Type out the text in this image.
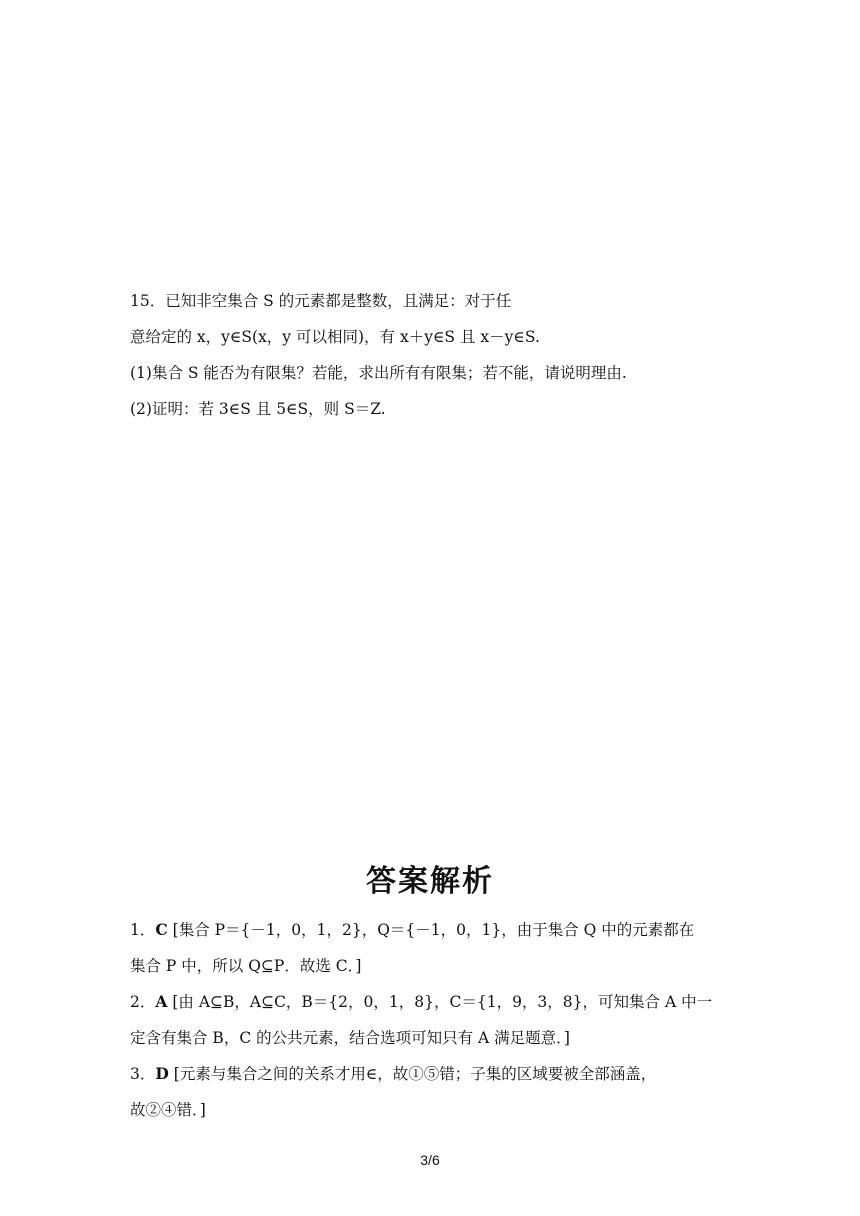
15．已知非空集合 S 的元素都是整数，且满足：对于任
意给定的 x，y∈S(x，y 可以相同)，有 x＋y∈S 且 x－y∈S.
(1)集合 S 能否为有限集？若能，求出所有有限集；若不能，请说明理由.
(2)证明：若 3∈S 且 5∈S，则 S＝Z.
答案解析
1．C [集合 P＝{－1，0，1，2}，Q＝{－1，0，1}，由于集合 Q 中的元素都在
集合 P 中，所以 Q⊆P．故选 C．]
2．A [由 A⊆B，A⊆C，B＝{2，0，1，8}，C＝{1，9，3，8}，可知集合 A 中一
定含有集合 B，C 的公共元素，结合选项可知只有 A 满足题意．]
3．D [元素与集合之间的关系才用∈，故①⑤错；子集的区域要被全部涵盖，
故②④错．]
3/6
